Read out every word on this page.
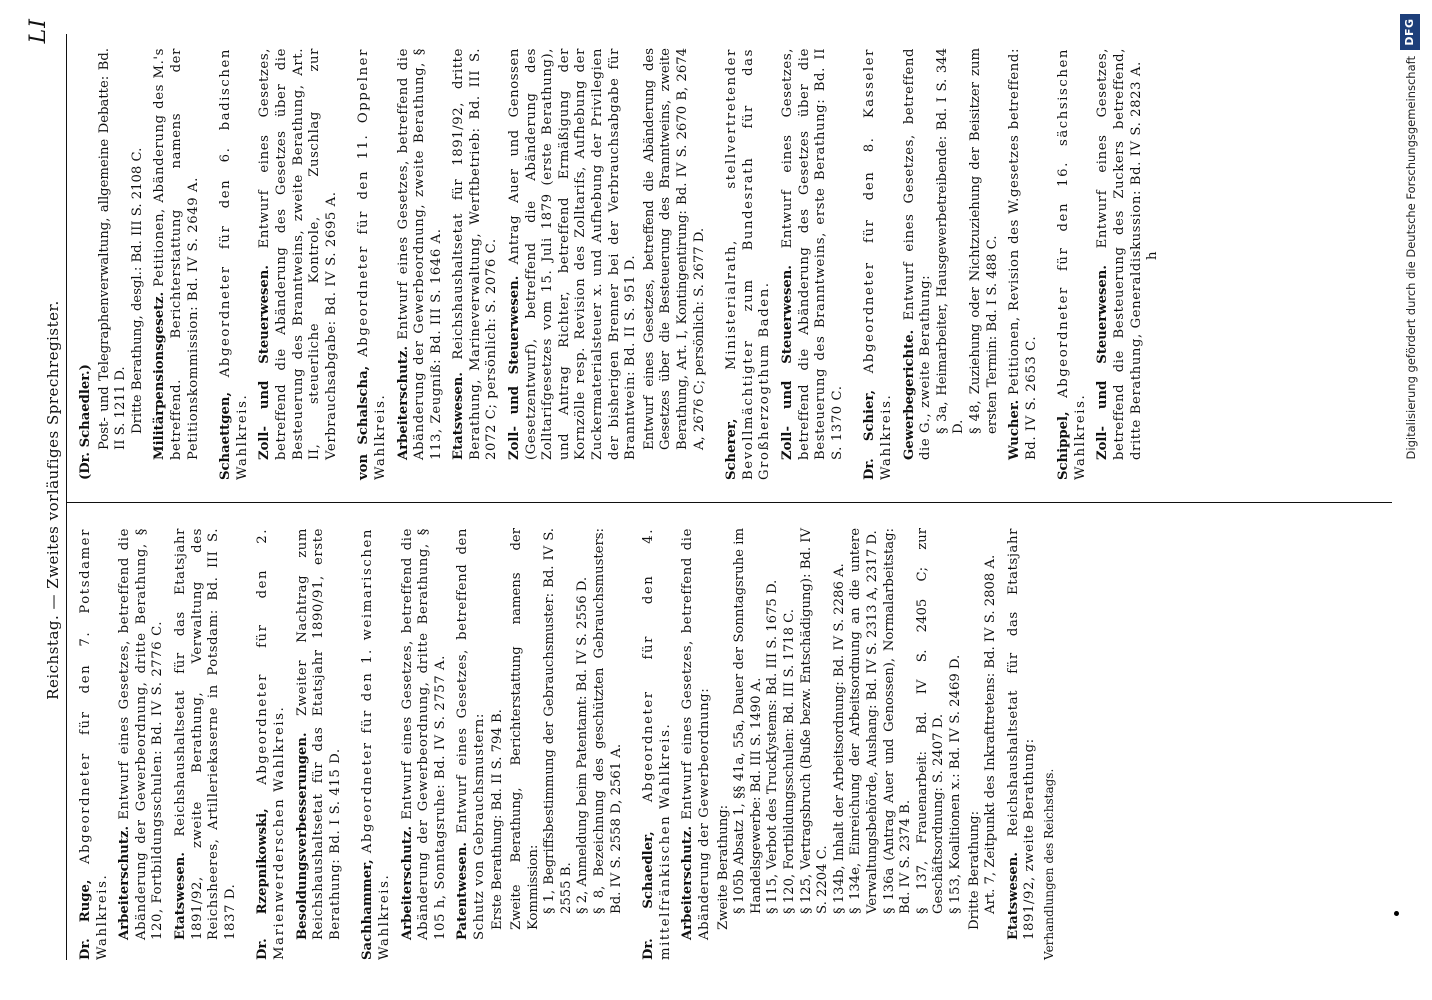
Reichstag. — Zweites vorläufiges Sprechregister.
LI

Dr. Ruge, Abgeordneter für den 7. Potsdamer Wahlkreis. Arbeiterschutz. Entwurf eines Gesetzes, betreffend die Abänderung der Gewerbeordnung, dritte Berathung, § 120, Fortbildungsschulen: Bd. IV S. 2776 C. Etatswesen. Reichshaushaltsetat für das Etatsjahr 1891/92, zweite Berathung, Verwaltung des Reichsheeres, Artilleriekaserne in Potsdam: Bd. III S. 1837 D. Dr. Rzepnikowski, Abgeordneter für den 2. Marienwerderschen Wahlkreis. Besoldungsverbesserungen. Zweiter Nachtrag zum Reichshaushaltsetat für das Etatsjahr 1890/91, erste Berathung: Bd. I S. 415 D. Sachhammer, Abgeordneter für den 1. weimarischen Wahlkreis. Arbeiterschutz. Entwurf eines Gesetzes, betreffend die Abänderung der Gewerbeordnung, dritte Berathung, § 105 h, Sonntagsruhe: Bd. IV S. 2757 A. Patentwesen. Entwurf eines Gesetzes, betreffend den Schutz von Gebrauchsmustern: Erste Berathung: Bd. II S. 794 B. Zweite Berathung, Berichterstattung namens der Kommission: § 1, Begriffsbestimmung der Gebrauchsmuster: Bd. IV S. 2555 B. § 2, Anmeldung beim Patentamt: Bd. IV S. 2556 D. § 8, Bezeichnung des geschützten Gebrauchsmusters: Bd. IV S. 2558 D, 2561 A. Dr. Schaedler, Abgeordneter für den 4. mittelfränkischen Wahlkreis. Arbeiterschutz. Entwurf eines Gesetzes, betreffend die Abänderung der Gewerbeordnung: Zweite Berathung: § 105b Absatz 1, §§ 41a, 55a, Dauer der Sonntagsruhe im Handelsgewerbe: Bd. III S. 1490 A. § 115, Verbot des Truckſystems: Bd. III S. 1675 D. § 120, Fortbildungsschulen: Bd. III S. 1718 C. § 125, Vertragsbruch (Buße bezw. Entschädigung): Bd. IV S. 2204 C. § 134b, Inhalt der Arbeitsordnung: Bd. IV S. 2286 A. § 134e, Einreichung der Arbeitsordnung an die untere Verwaltungsbehörde, Aushang: Bd. IV S. 2313 A, 2317 D. § 136a (Antrag Auer und Genossen), Normalarbeitstag: Bd. IV S. 2374 B. § 137, Frauenarbeit: Bd. IV S. 2405 C; zur Geschäftsordnung: S. 2407 D. § 153, Koalitionen x.: Bd. IV S. 2469 D. Dritte Berathung: Art. 7, Zeitpunkt des Inkrafttretens: Bd. IV S. 2808 A. Etatswesen. Reichshaushaltsetat für das Etatsjahr 1891/92, zweite Berathung: Verhandlungen des Reichstags.

(Dr. Schaedler.) Post- und Telegraphenverwaltung, allgemeine Debatte: Bd. II S. 1211 D. Dritte Berathung, desgl.: Bd. III S. 2108 C. Militärpensionsgesetz. Petitionen, Abänderung des M.'s betreffend. Berichterstattung namens der Petitionskommission: Bd. IV S. 2649 A. Schaettgen, Abgeordneter für den 6. badischen Wahlkreis. Zoll- und Steuerwesen. Entwurf eines Gesetzes, betreffend die Abänderung des Gesetzes über die Besteuerung des Branntweins, zweite Berathung, Art. II, steuerliche Kontrole, Zuschlag zur Verbrauchsabgabe: Bd. IV S. 2695 A. von Schalscha, Abgeordneter für den 11. Oppelner Wahlkreis. Arbeiterschutz. Entwurf eines Gesetzes, betreffend die Abänderung der Gewerbeordnung, zweite Berathung, § 113, Zeugniß: Bd. III S. 1646 A. Etatswesen. Reichshaushaltsetat für 1891/92, dritte Berathung, Marineverwaltung, Werftbetrieb: Bd. III S. 2072 C; persönlich: S. 2076 C. Zoll- und Steuerwesen. Antrag Auer und Genossen (Gesetzentwurf), betreffend die Abänderung des Zolltarifgesetzes vom 15. Juli 1879 (erste Berathung), und Antrag Richter, betreffend Ermäßigung der Kornzölle resp. Revision des Zolltarifs, Aufhebung der Zuckermaterialsteuer x. und Aufhebung der Privilegien der bisherigen Brenner bei der Verbrauchsabgabe für Branntwein: Bd. II S. 951 D. Entwurf eines Gesetzes, betreffend die Abänderung des Gesetzes über die Besteuerung des Branntweins, zweite Berathung, Art. I, Kontingentirung: Bd. IV S. 2670 B, 2674 A, 2676 C; persönlich: S. 2677 D. Scherer, Ministerialrath, stellvertretender Bevollmächtigter zum Bundesrath für das Großherzogthum Baden. Zoll- und Steuerwesen. Entwurf eines Gesetzes, betreffend die Abänderung des Gesetzes über die Besteuerung des Branntweins, erste Berathung: Bd. II S. 1370 C. Dr. Schier, Abgeordneter für den 8. Kasseler Wahlkreis. Gewerbegerichte. Entwurf eines Gesetzes, betreffend die G., zweite Berathung: § 3a, Heimarbeiter, Hausgewerbetreibende: Bd. I S. 344 D. § 48, Zuziehung oder Nichtzuziehung der Beisitzer zum ersten Termin: Bd. I S. 488 C. Wucher. Petitionen, Revision des W.gesetzes betreffend: Bd. IV S. 2653 C. Schippel, Abgeordneter für den 16. sächsischen Wahlkreis. Zoll- und Steuerwesen. Entwurf eines Gesetzes, betreffend die Besteuerung des Zuckers betreffend, dritte Berathung, Generaldiskussion: Bd. IV S. 2823 A. h	Digitalisierung gefördert durch die Deutsche Forschungsgemeinschaft
DFG
